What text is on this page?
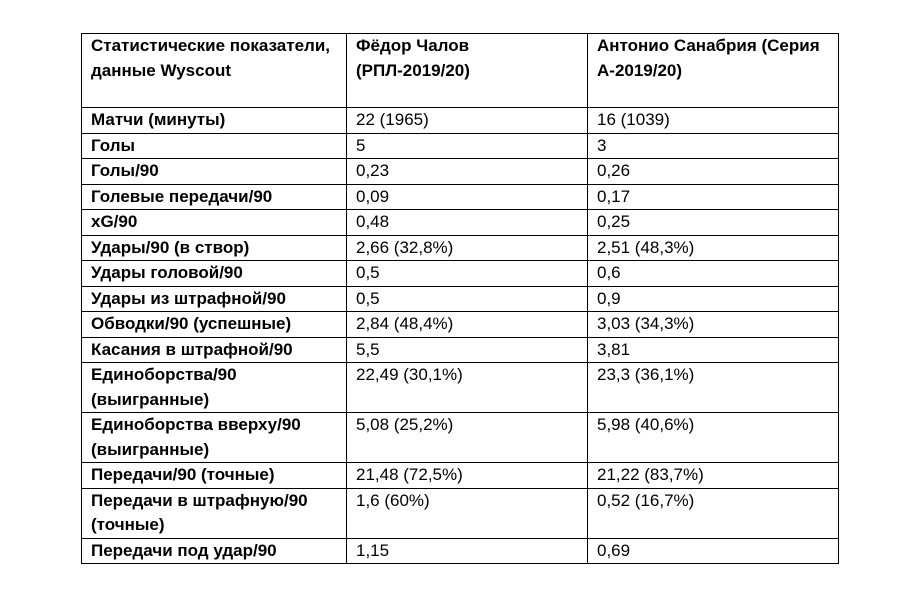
Статистические показатели, данные Wyscout	Фёдор Чалов (РПЛ-2019/20)	Антонио Санабрия (Серия А-2019/20)
Матчи (минуты)	22 (1965)	16 (1039)
Голы	5	3
Голы/90	0,23	0,26
Голевые передачи/90	0,09	0,17
xG/90	0,48	0,25
Удары/90 (в створ)	2,66 (32,8%)	2,51 (48,3%)
Удары головой/90	0,5	0,6
Удары из штрафной/90	0,5	0,9
Обводки/90 (успешные)	2,84 (48,4%)	3,03 (34,3%)
Касания в штрафной/90	5,5	3,81
Единоборства/90 (выигранные)	22,49 (30,1%)	23,3 (36,1%)
Единоборства вверху/90 (выигранные)	5,08 (25,2%)	5,98 (40,6%)
Передачи/90 (точные)	21,48 (72,5%)	21,22 (83,7%)
Передачи в штрафную/90 (точные)	1,6 (60%)	0,52 (16,7%)
Передачи под удар/90	1,15	0,69
